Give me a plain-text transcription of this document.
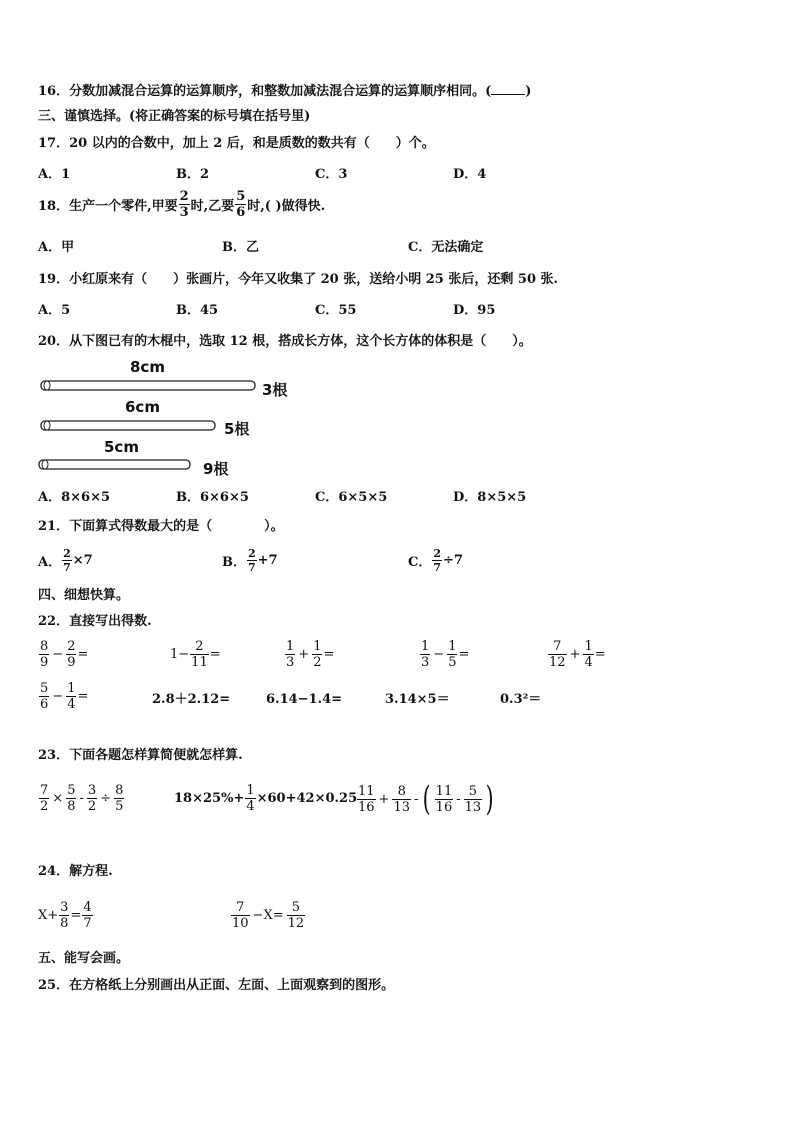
16．分数加减混合运算的运算顺序，和整数加减法混合运算的运算顺序相同。(	)
三、谨慎选择。(将正确答案的标号填在括号里)
17．20 以内的合数中，加上 2 后，和是质数的数共有（　　）个。
A．1	B．2	C．3	D．4
18．生产一个零件,甲要 $\frac{2}{3}$ 时,乙要 $\frac{5}{6}$ 时,( )做得快.
A．甲	B．乙	C．无法确定
19．小红原来有（　　）张画片，今年又收集了 20 张，送给小明 25 张后，还剩 50 张.
A．5	B．45	C．55	D．95
20．从下图已有的木棍中，选取 12 根，搭成长方体，这个长方体的体积是（　　）。
8cm
3根
6cm
5根
5cm
9根
A．8×6×5	B．6×6×5	C．6×5×5	D．8×5×5
21．下面算式得数最大的是（　　　　）。
A． $\frac{2}{7} \times 7$	B． $\frac{2}{7} +7$	C． $\frac{2}{7} \div 7$
四、细想快算。
22．直接写出得数.
$\frac{8}{9} - \frac{2}{9}$ =	$1- \frac{2}{11}$ =	$\frac{1}{3} + \frac{1}{2}$ =	$\frac{1}{3} - \frac{1}{5}$ =	$\frac{7}{12} + \frac{1}{4}$ =
$\frac{5}{6} - \frac{1}{4}$ =	2.8＋2.12=	6.14−1.4=	3.14×5＝	0.3²＝
23．下面各题怎样算简便就怎样算.
$\frac{7}{2} \times \frac{5}{8} - \frac{3}{2} \div \frac{8}{5}$	$18\times 25\%+ \frac{1}{4} \times 60+42\times 0.25 \frac{11}{16} + \frac{8}{13}$ - ( $\frac{11}{16} - \frac{5}{13}$ )
24．解方程.
$X+ \frac{3}{8} = \frac{4}{7}$	$\frac{7}{10} -X= \frac{5}{12}$
五、能写会画。
25．在方格纸上分别画出从正面、左面、上面观察到的图形。
